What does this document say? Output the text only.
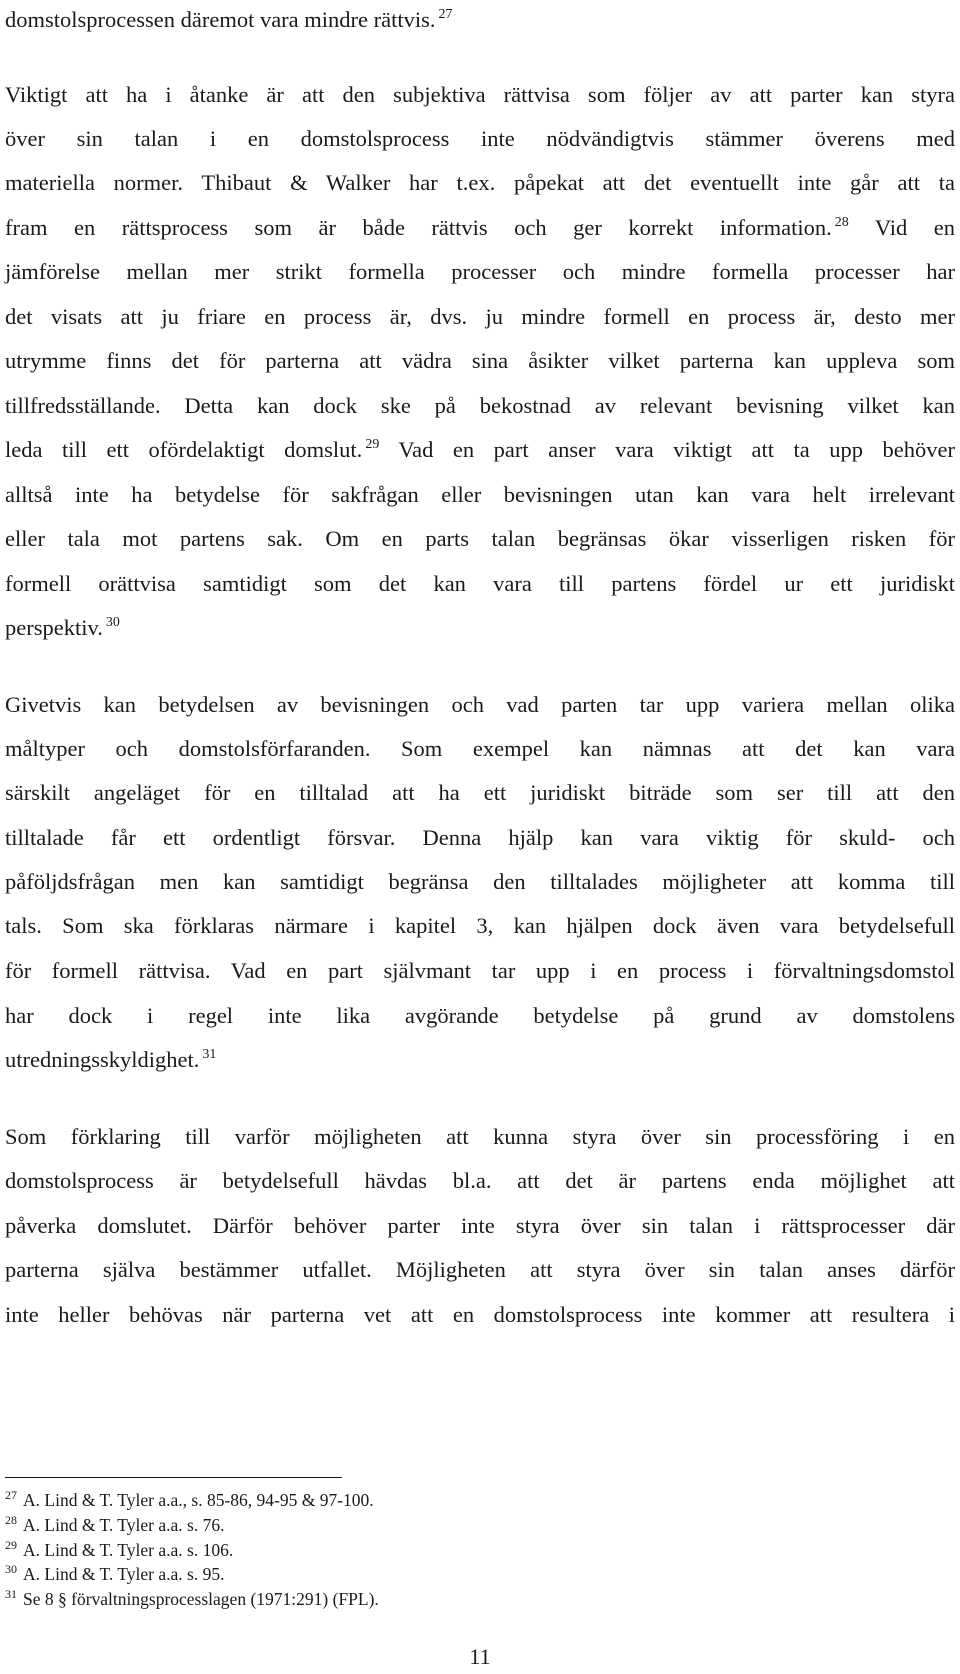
domstolsprocessen däremot vara mindre rättvis. $^{27}$
Viktigt att ha i åtanke är att den subjektiva rättvisa som följer av att parter kan styra
över sin talan i en domstolsprocess inte nödvändigtvis stämmer överens med
materiella normer. Thibaut & Walker har t.ex. påpekat att det eventuellt inte går att ta
fram en rättsprocess som är både rättvis och ger korrekt information. $^{28}$ Vid en
jämförelse mellan mer strikt formella processer och mindre formella processer har
det visats att ju friare en process är, dvs. ju mindre formell en process är, desto mer
utrymme finns det för parterna att vädra sina åsikter vilket parterna kan uppleva som
tillfredsställande. Detta kan dock ske på bekostnad av relevant bevisning vilket kan
leda till ett ofördelaktigt domslut. $^{29}$ Vad en part anser vara viktigt att ta upp behöver
alltså inte ha betydelse för sakfrågan eller bevisningen utan kan vara helt irrelevant
eller tala mot partens sak. Om en parts talan begränsas ökar visserligen risken för
formell orättvisa samtidigt som det kan vara till partens fördel ur ett juridiskt
perspektiv. $^{30}$
Givetvis kan betydelsen av bevisningen och vad parten tar upp variera mellan olika
måltyper och domstolsförfaranden. Som exempel kan nämnas att det kan vara
särskilt angeläget för en tilltalad att ha ett juridiskt biträde som ser till att den
tilltalade får ett ordentligt försvar. Denna hjälp kan vara viktig för skuld- och
påföljdsfrågan men kan samtidigt begränsa den tilltalades möjligheter att komma till
tals. Som ska förklaras närmare i kapitel 3, kan hjälpen dock även vara betydelsefull
för formell rättvisa. Vad en part självmant tar upp i en process i förvaltningsdomstol
har dock i regel inte lika avgörande betydelse på grund av domstolens
utredningsskyldighet. $^{31}$
Som förklaring till varför möjligheten att kunna styra över sin processföring i en
domstolsprocess är betydelsefull hävdas bl.a. att det är partens enda möjlighet att
påverka domslutet. Därför behöver parter inte styra över sin talan i rättsprocesser där
parterna själva bestämmer utfallet. Möjligheten att styra över sin talan anses därför
inte heller behövas när parterna vet att en domstolsprocess inte kommer att resultera i
$^{27}$ A. Lind & T. Tyler a.a., s. 85-86, 94-95 & 97-100.
$^{28}$ A. Lind & T. Tyler a.a. s. 76.
$^{29}$ A. Lind & T. Tyler a.a. s. 106.
$^{30}$ A. Lind & T. Tyler a.a. s. 95.
$^{31}$ Se 8 § förvaltningsprocesslagen (1971:291) (FPL).
11
